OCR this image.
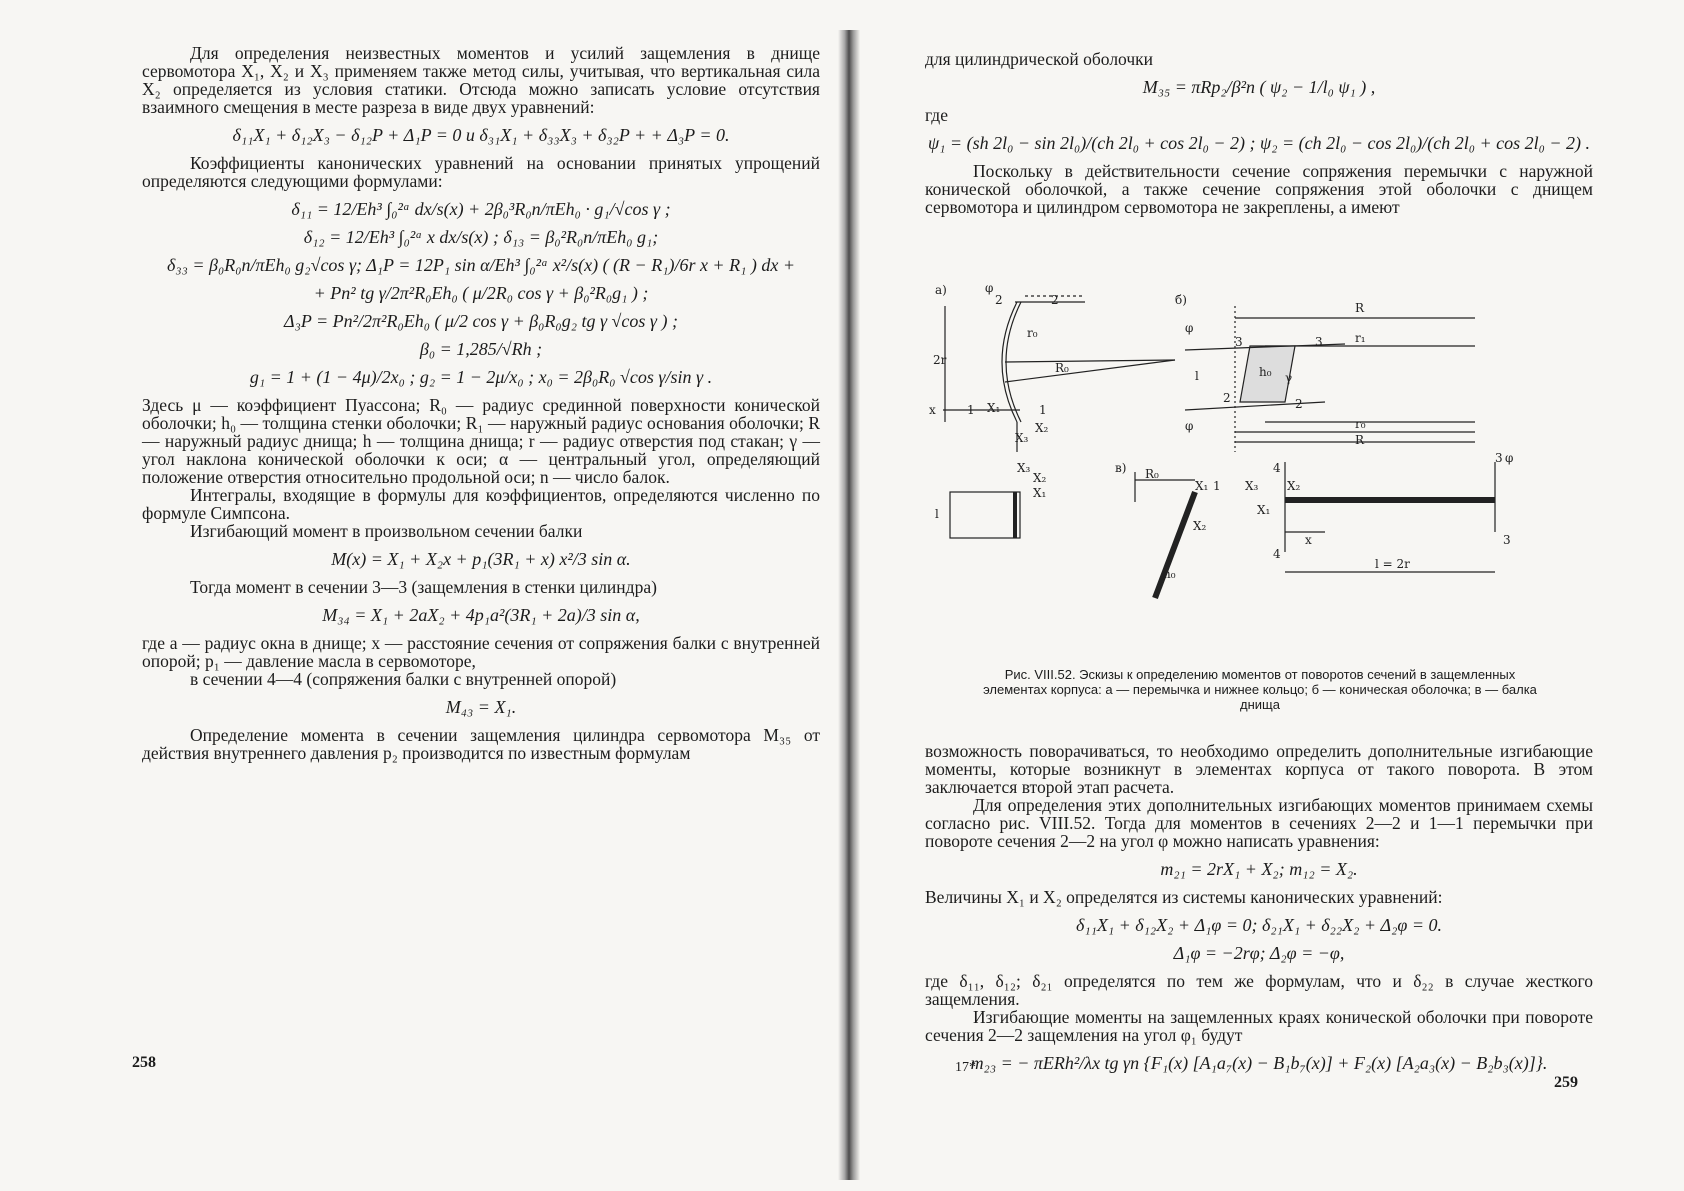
Для определения неизвестных моментов и усилий защемления в днище сервомотора X₁, X₂ и X₃ применяем также метод силы, учитывая, что вертикальная сила X₂ определяется из условия статики. Отсюда можно записать условие отсутствия взаимного смещения в месте разреза в виде двух уравнений:

δ₁₁X₁ + δ₁₂X₃ − δ₁₂P + Δ₁P = 0 и δ₃₁X₁ + δ₃₃X₃ + δ₃₂P + + Δ₃P = 0.

Коэффициенты канонических уравнений на основании принятых упрощений определяются следующими формулами:

δ₁₁ = 12/Eh³ ∫₀²ᵃ dx/s(x) + 2β₀³R₀n/πEh₀ · g₁/√cos γ ;
δ₁₂ = 12/Eh³ ∫₀²ᵃ x dx/s(x) ; δ₁₃ = β₀²R₀n/πEh₀ g₁;
δ₃₃ = β₀R₀n/πEh₀ g₂√cos γ; Δ₁P = 12P₁ sin α/Eh³ ∫₀²ᵃ x²/s(x) ( (R − R₁)/6r x + R₁ ) dx +
+ Pn² tg γ/2π²R₀Eh₀ ( μ/2R₀ cos γ + β₀²R₀g₁ ) ;
Δ₃P = Pn²/2π²R₀Eh₀ ( μ/2 cos γ + β₀R₀g₂ tg γ √cos γ ) ;
β₀ = 1,285/√Rh ;
g₁ = 1 + (1 − 4μ)/2x₀ ; g₂ = 1 − 2μ/x₀ ; x₀ = 2β₀R₀ √cos γ/sin γ .

Здесь μ — коэффициент Пуассона; R₀ — радиус срединной поверхности конической оболочки; h₀ — толщина стенки оболочки; R₁ — наружный радиус основания оболочки; R — наружный радиус днища; h — толщина днища; r — радиус отверстия под стакан; γ — угол наклона конической оболочки к оси; α — центральный угол, определяющий положение отверстия относительно продольной оси; n — число балок.

Интегралы, входящие в формулы для коэффициентов, определяются численно по формуле Симпсона.

Изгибающий момент в произвольном сечении балки

M(x) = X₁ + X₂x + p₁(3R₁ + x) x²/3 sin α.

Тогда момент в сечении 3—3 (защемления в стенки цилиндра)

M₃₄ = X₁ + 2aX₂ + 4p₁a²(3R₁ + 2a)/3 sin α,

где a — радиус окна в днище; x — расстояние сечения от сопряжения балки с внутренней опорой; p₁ — давление масла в сервомоторе,

в сечении 4—4 (сопряжения балки с внутренней опорой)

M₄₃ = X₁.

Определение момента в сечении защемления цилиндра сервомотора M₃₅ от действия внутреннего давления p₂ производится по известным формулам

258

для цилиндрической оболочки

M₃₅ = πRp₂/β²n ( ψ₂ − 1/l₀ ψ₁ ) ,

где

ψ₁ = (sh 2l₀ − sin 2l₀)/(ch 2l₀ + cos 2l₀ − 2) ; ψ₂ = (ch 2l₀ − cos 2l₀)/(ch 2l₀ + cos 2l₀ − 2) .

Поскольку в действительности сечение сопряжения перемычки с наружной конической оболочкой, а также сечение сопряжения этой оболочки с днищем сервомотора и цилиндром сервомотора не закреплены, а имеют

а)	φ
2	2
2r
r₀
R₀
x	1 X₁	1
X₂
X₃
X₃
X₂
X₁
l
б)
R
r₁
φ
3	3
l	h₀ γ
2	2
φ	r₀
R
в) R₀
X₁ 1
X₂
h₀
X₃
X₁
X₂
4
4
3 φ
3
x
l = 2r
Рис. VIII.52. Эскизы к определению моментов от поворотов сечений в защемленных элементах корпуса: а — перемычка и нижнее кольцо; б — коническая оболочка; в — балка днища

возможность поворачиваться, то необходимо определить дополнительные изгибающие моменты, которые возникнут в элементах корпуса от такого поворота. В этом заключается второй этап расчета.

Для определения этих дополнительных изгибающих моментов принимаем схемы согласно рис. VIII.52. Тогда для моментов в сечениях 2—2 и 1—1 перемычки при повороте сечения 2—2 на угол φ можно написать уравнения:

m₂₁ = 2rX₁ + X₂; m₁₂ = X₂.

Величины X₁ и X₂ определятся из системы канонических уравнений:

δ₁₁X₁ + δ₁₂X₂ + Δ₁φ = 0; δ₂₁X₁ + δ₂₂X₂ + Δ₂φ = 0.
Δ₁φ = −2rφ; Δ₂φ = −φ,

где δ₁₁, δ₁₂; δ₂₁ определятся по тем же формулам, что и δ₂₂ в случае жесткого защемления.

Изгибающие моменты на защемленных краях конической оболочки при повороте сечения 2—2 защемления на угол φ₁ будут

m₂₃ = − πERh²/λx tg γn {F₁(x) [A₁a₇(x) − B₁b₇(x)] + F₂(x) [A₂a₃(x) − B₂b₃(x)]}.
17*
259
